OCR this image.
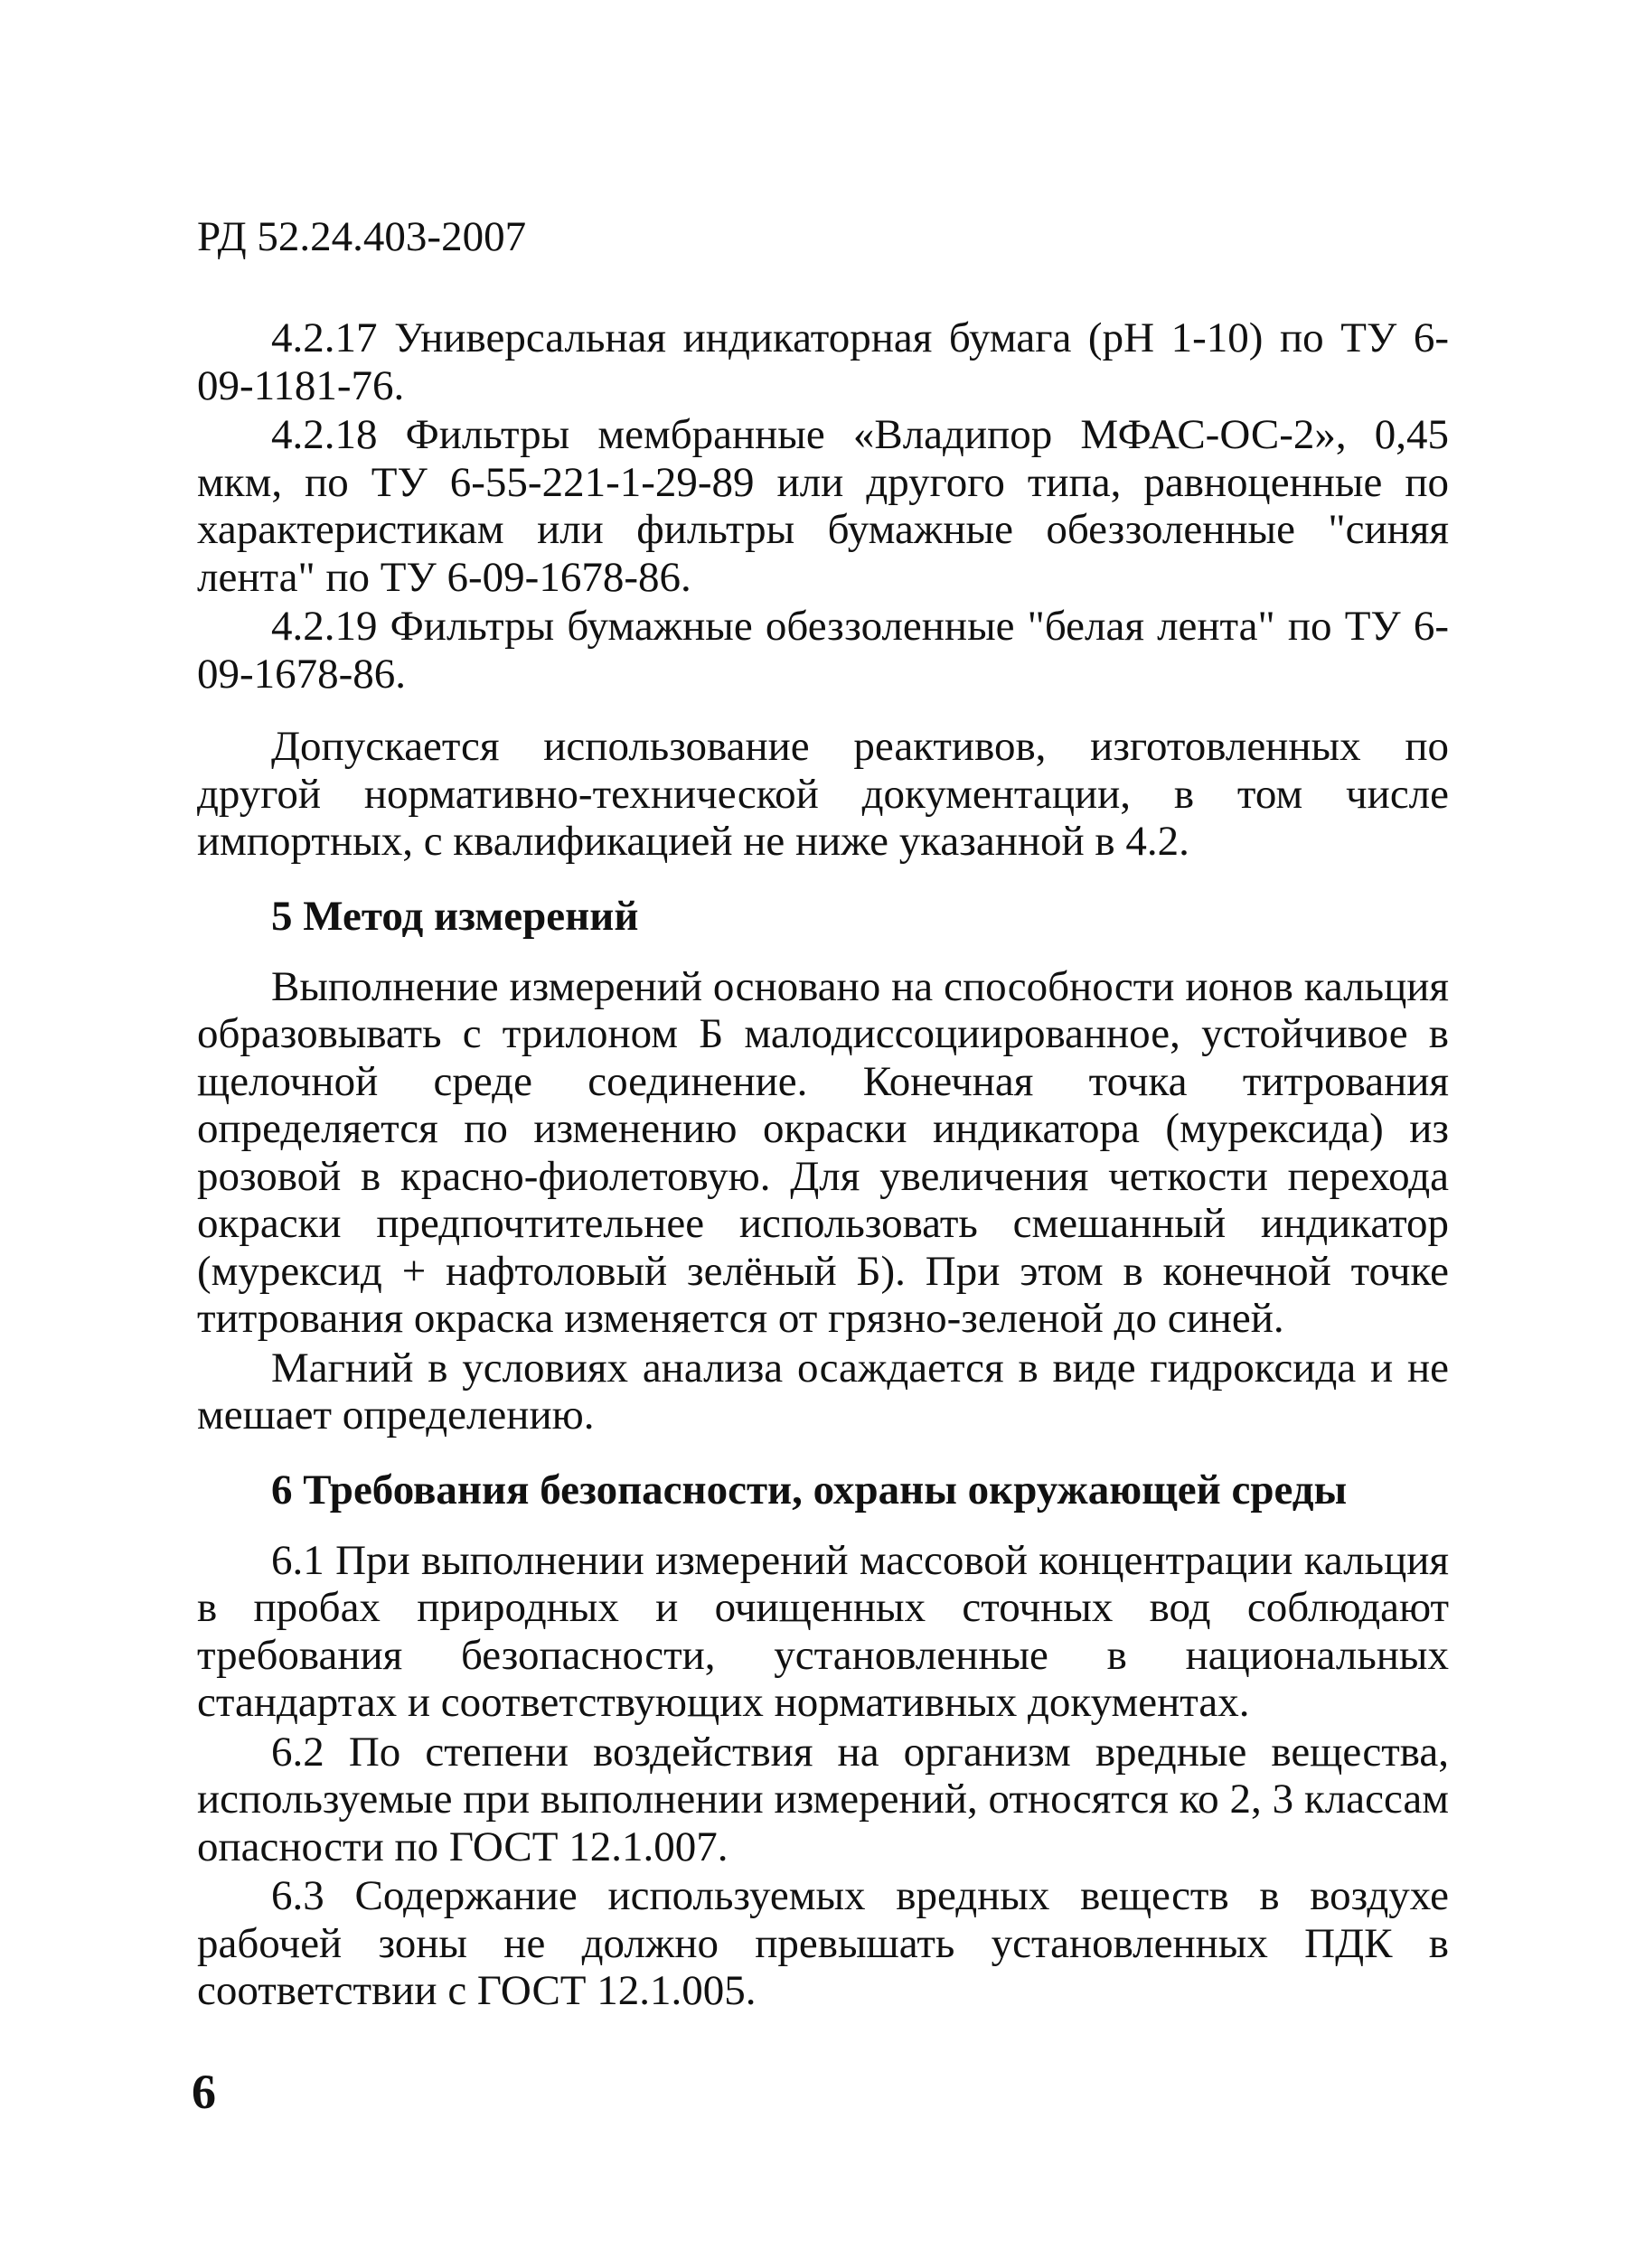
РД 52.24.403-2007

4.2.17 Универсальная индикаторная бумага (рН 1-10) по ТУ 6-09-1181-76.

4.2.18 Фильтры мембранные «Владипор МФАС-ОС-2», 0,45 мкм, по ТУ 6-55-221-1-29-89 или другого типа, равноценные по характеристикам или фильтры бумажные обеззоленные "синяя лента" по ТУ 6-09-1678-86.

4.2.19 Фильтры бумажные обеззоленные "белая лента" по ТУ 6-09-1678-86.

Допускается использование реактивов, изготовленных по другой нормативно-технической документации, в том числе импортных, с квалификацией не ниже указанной в 4.2.

5 Метод измерений

Выполнение измерений основано на способности ионов кальция образовывать с трилоном Б малодиссоциированное, устойчивое в щелочной среде соединение. Конечная точка титрования определяется по изменению окраски индикатора (мурексида) из розовой в красно-фиолетовую. Для увеличения четкости перехода окраски предпочтительнее использовать смешанный индикатор (мурексид + нафтоловый зелёный Б). При этом в конечной точке титрования окраска изменяется от грязно-зеленой до синей.

Магний в условиях анализа осаждается в виде гидроксида и не мешает определению.

6 Требования безопасности, охраны окружающей среды

6.1 При выполнении измерений массовой концентрации кальция в пробах природных и очищенных сточных вод соблюдают требования безопасности, установленные в национальных стандартах и соответствующих нормативных документах.

6.2 По степени воздействия на организм вредные вещества, используемые при выполнении измерений, относятся ко 2, 3 классам опасности по ГОСТ 12.1.007.

6.3 Содержание используемых вредных веществ в воздухе рабочей зоны не должно превышать установленных ПДК в соответствии с ГОСТ 12.1.005.

6
